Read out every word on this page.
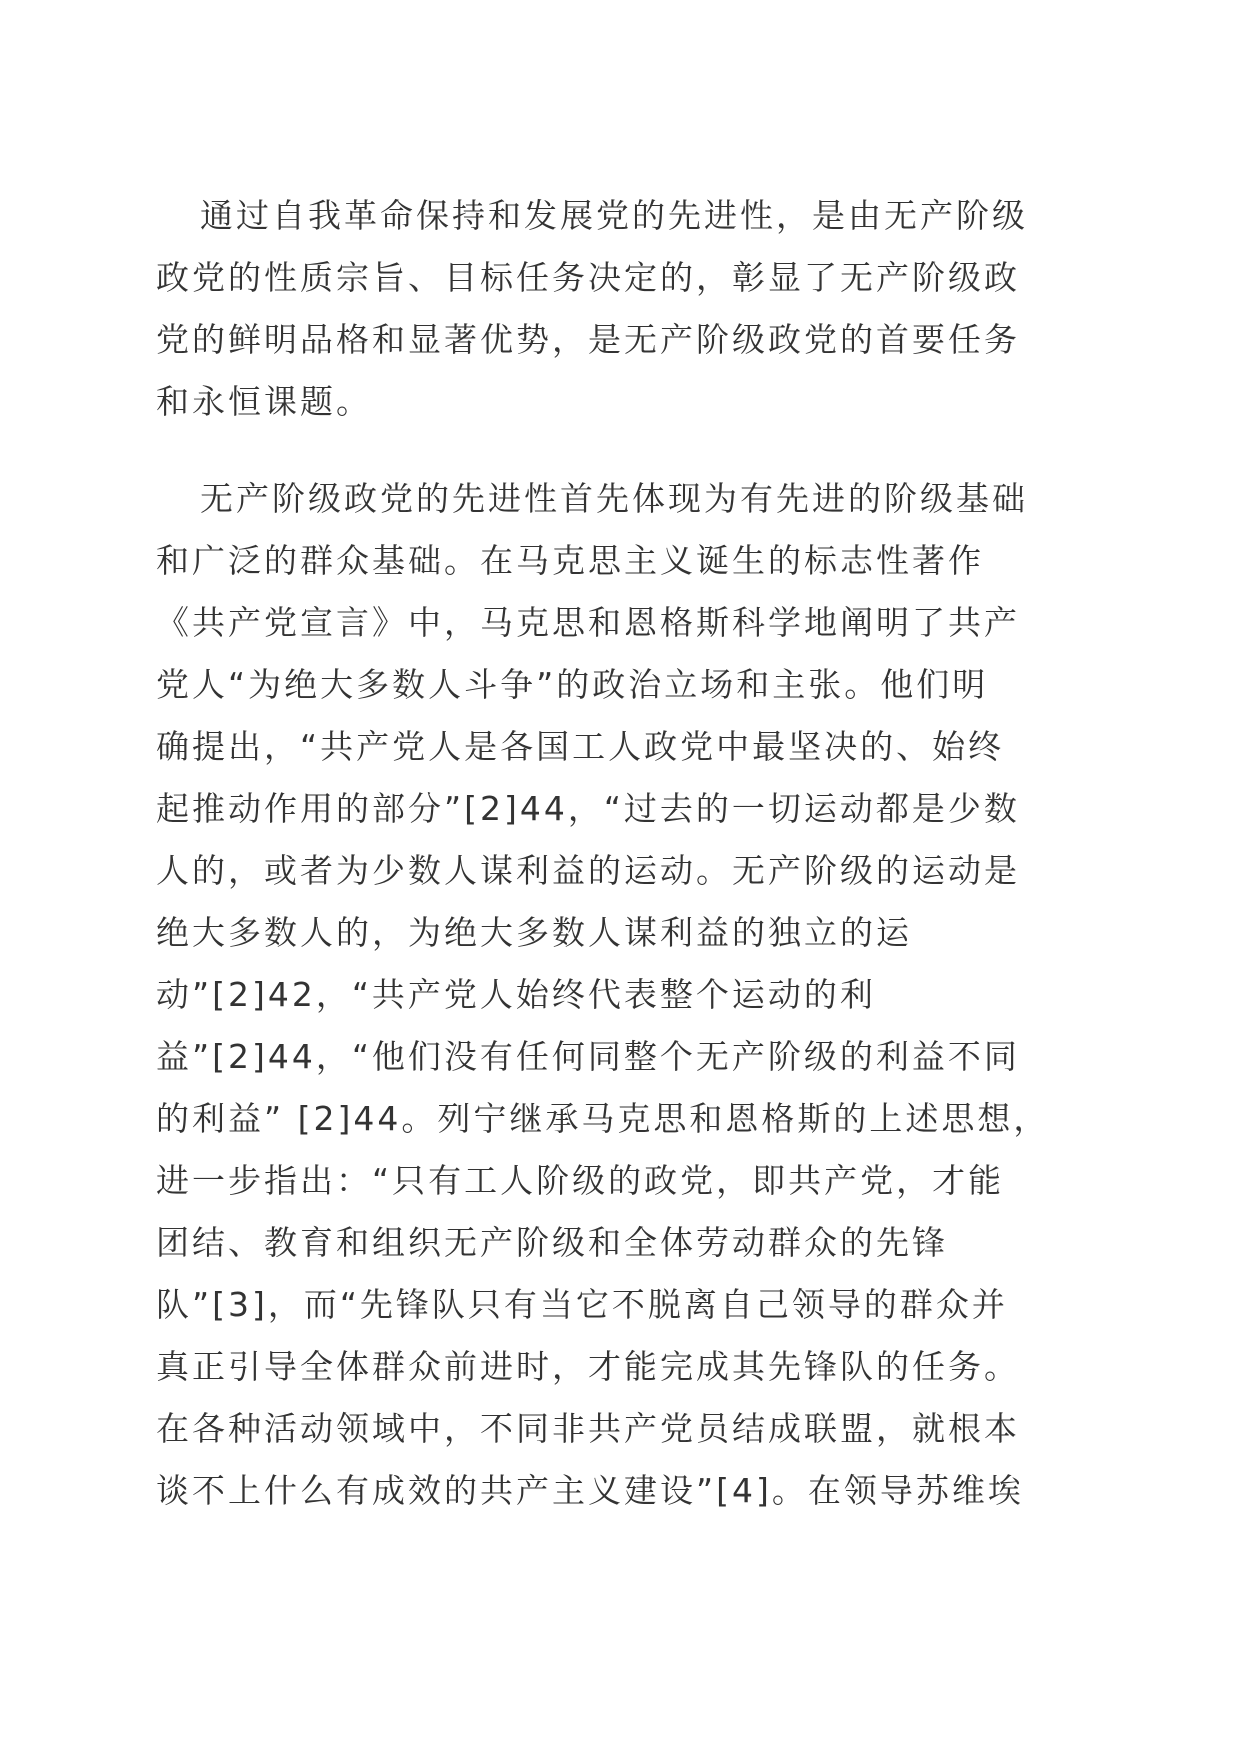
通过自我革命保持和发展党的先进性，是由无产阶级
政党的性质宗旨、目标任务决定的，彰显了无产阶级政
党的鲜明品格和显著优势，是无产阶级政党的首要任务
和永恒课题。
无产阶级政党的先进性首先体现为有先进的阶级基础
和广泛的群众基础。在马克思主义诞生的标志性著作
《共产党宣言》中，马克思和恩格斯科学地阐明了共产
党人“为绝大多数人斗争”的政治立场和主张。他们明
确提出，“共产党人是各国工人政党中最坚决的、始终
起推动作用的部分”[2]44，“过去的一切运动都是少数
人的，或者为少数人谋利益的运动。无产阶级的运动是
绝大多数人的，为绝大多数人谋利益的独立的运
动”[2]42，“共产党人始终代表整个运动的利
益”[2]44，“他们没有任何同整个无产阶级的利益不同
的利益” [2]44。列宁继承马克思和恩格斯的上述思想，
进一步指出：“只有工人阶级的政党，即共产党，才能
团结、教育和组织无产阶级和全体劳动群众的先锋
队”[3]，而“先锋队只有当它不脱离自己领导的群众并
真正引导全体群众前进时，才能完成其先锋队的任务。
在各种活动领域中，不同非共产党员结成联盟，就根本
谈不上什么有成效的共产主义建设”[4]。在领导苏维埃
